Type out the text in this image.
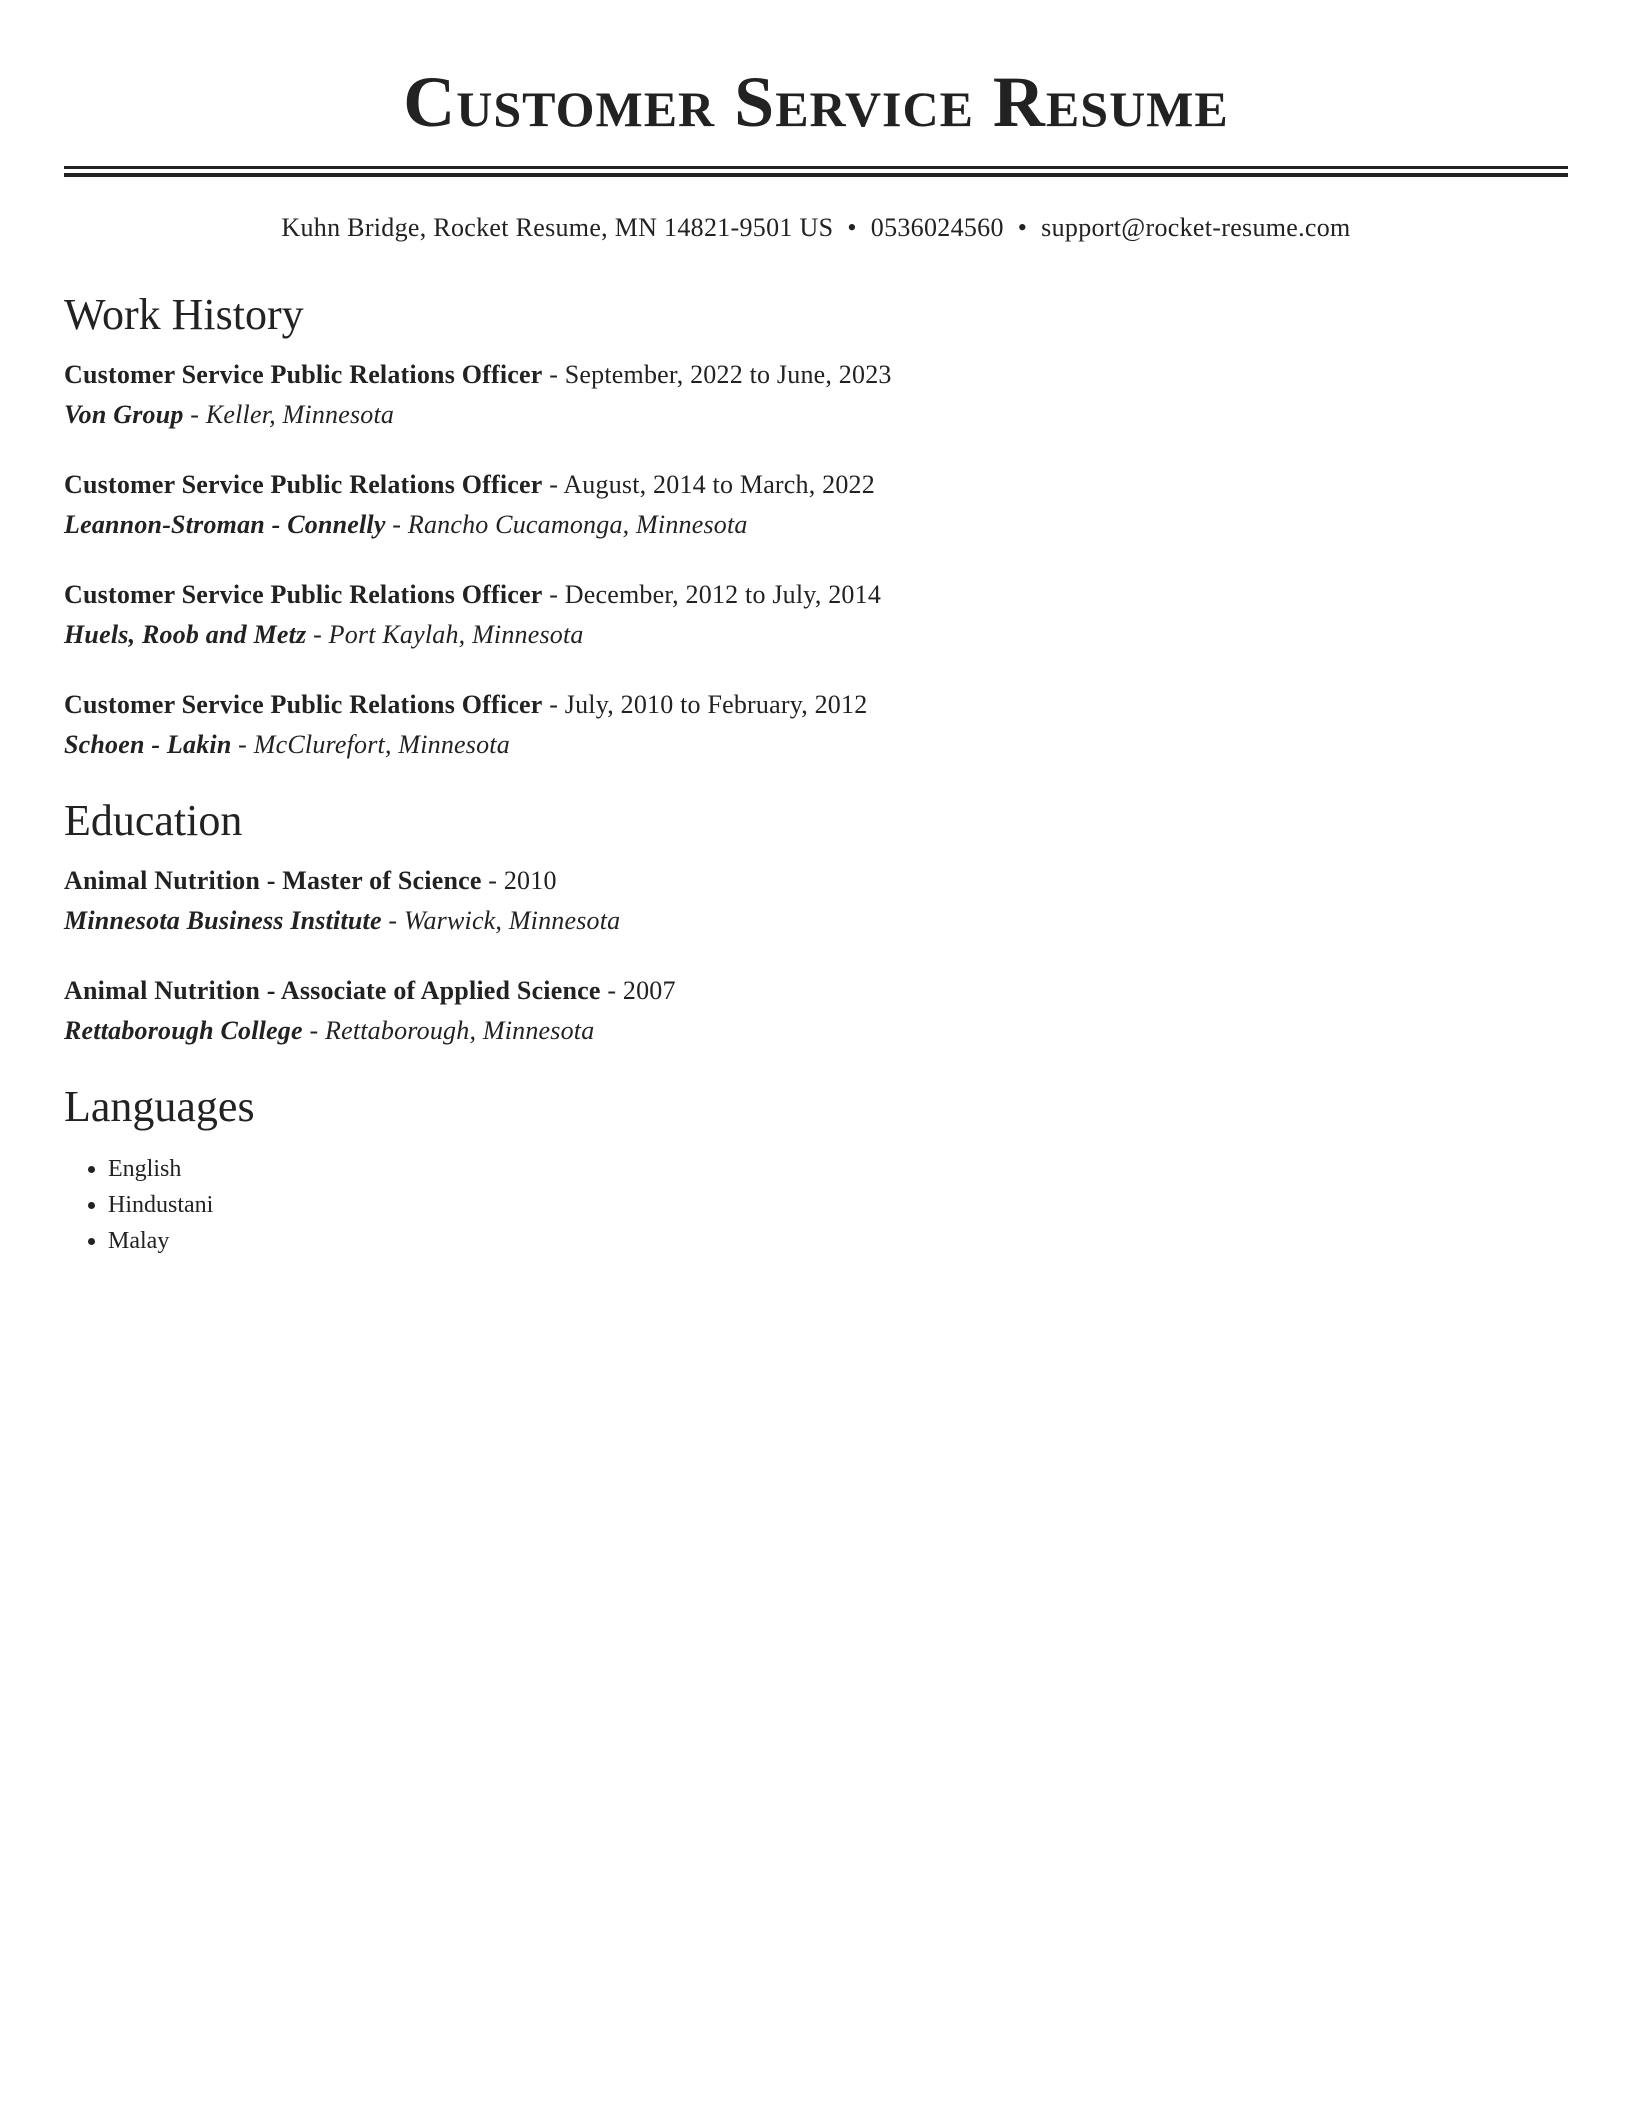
Customer Service Resume
Kuhn Bridge, Rocket Resume, MN 14821-9501 US • 0536024560 • support@rocket-resume.com
Work History
Customer Service Public Relations Officer - September, 2022 to June, 2023
Von Group - Keller, Minnesota
Customer Service Public Relations Officer - August, 2014 to March, 2022
Leannon-Stroman - Connelly - Rancho Cucamonga, Minnesota
Customer Service Public Relations Officer - December, 2012 to July, 2014
Huels, Roob and Metz - Port Kaylah, Minnesota
Customer Service Public Relations Officer - July, 2010 to February, 2012
Schoen - Lakin - McClurefort, Minnesota
Education
Animal Nutrition - Master of Science - 2010
Minnesota Business Institute - Warwick, Minnesota
Animal Nutrition - Associate of Applied Science - 2007
Rettaborough College - Rettaborough, Minnesota
Languages
• English
• Hindustani
• Malay
